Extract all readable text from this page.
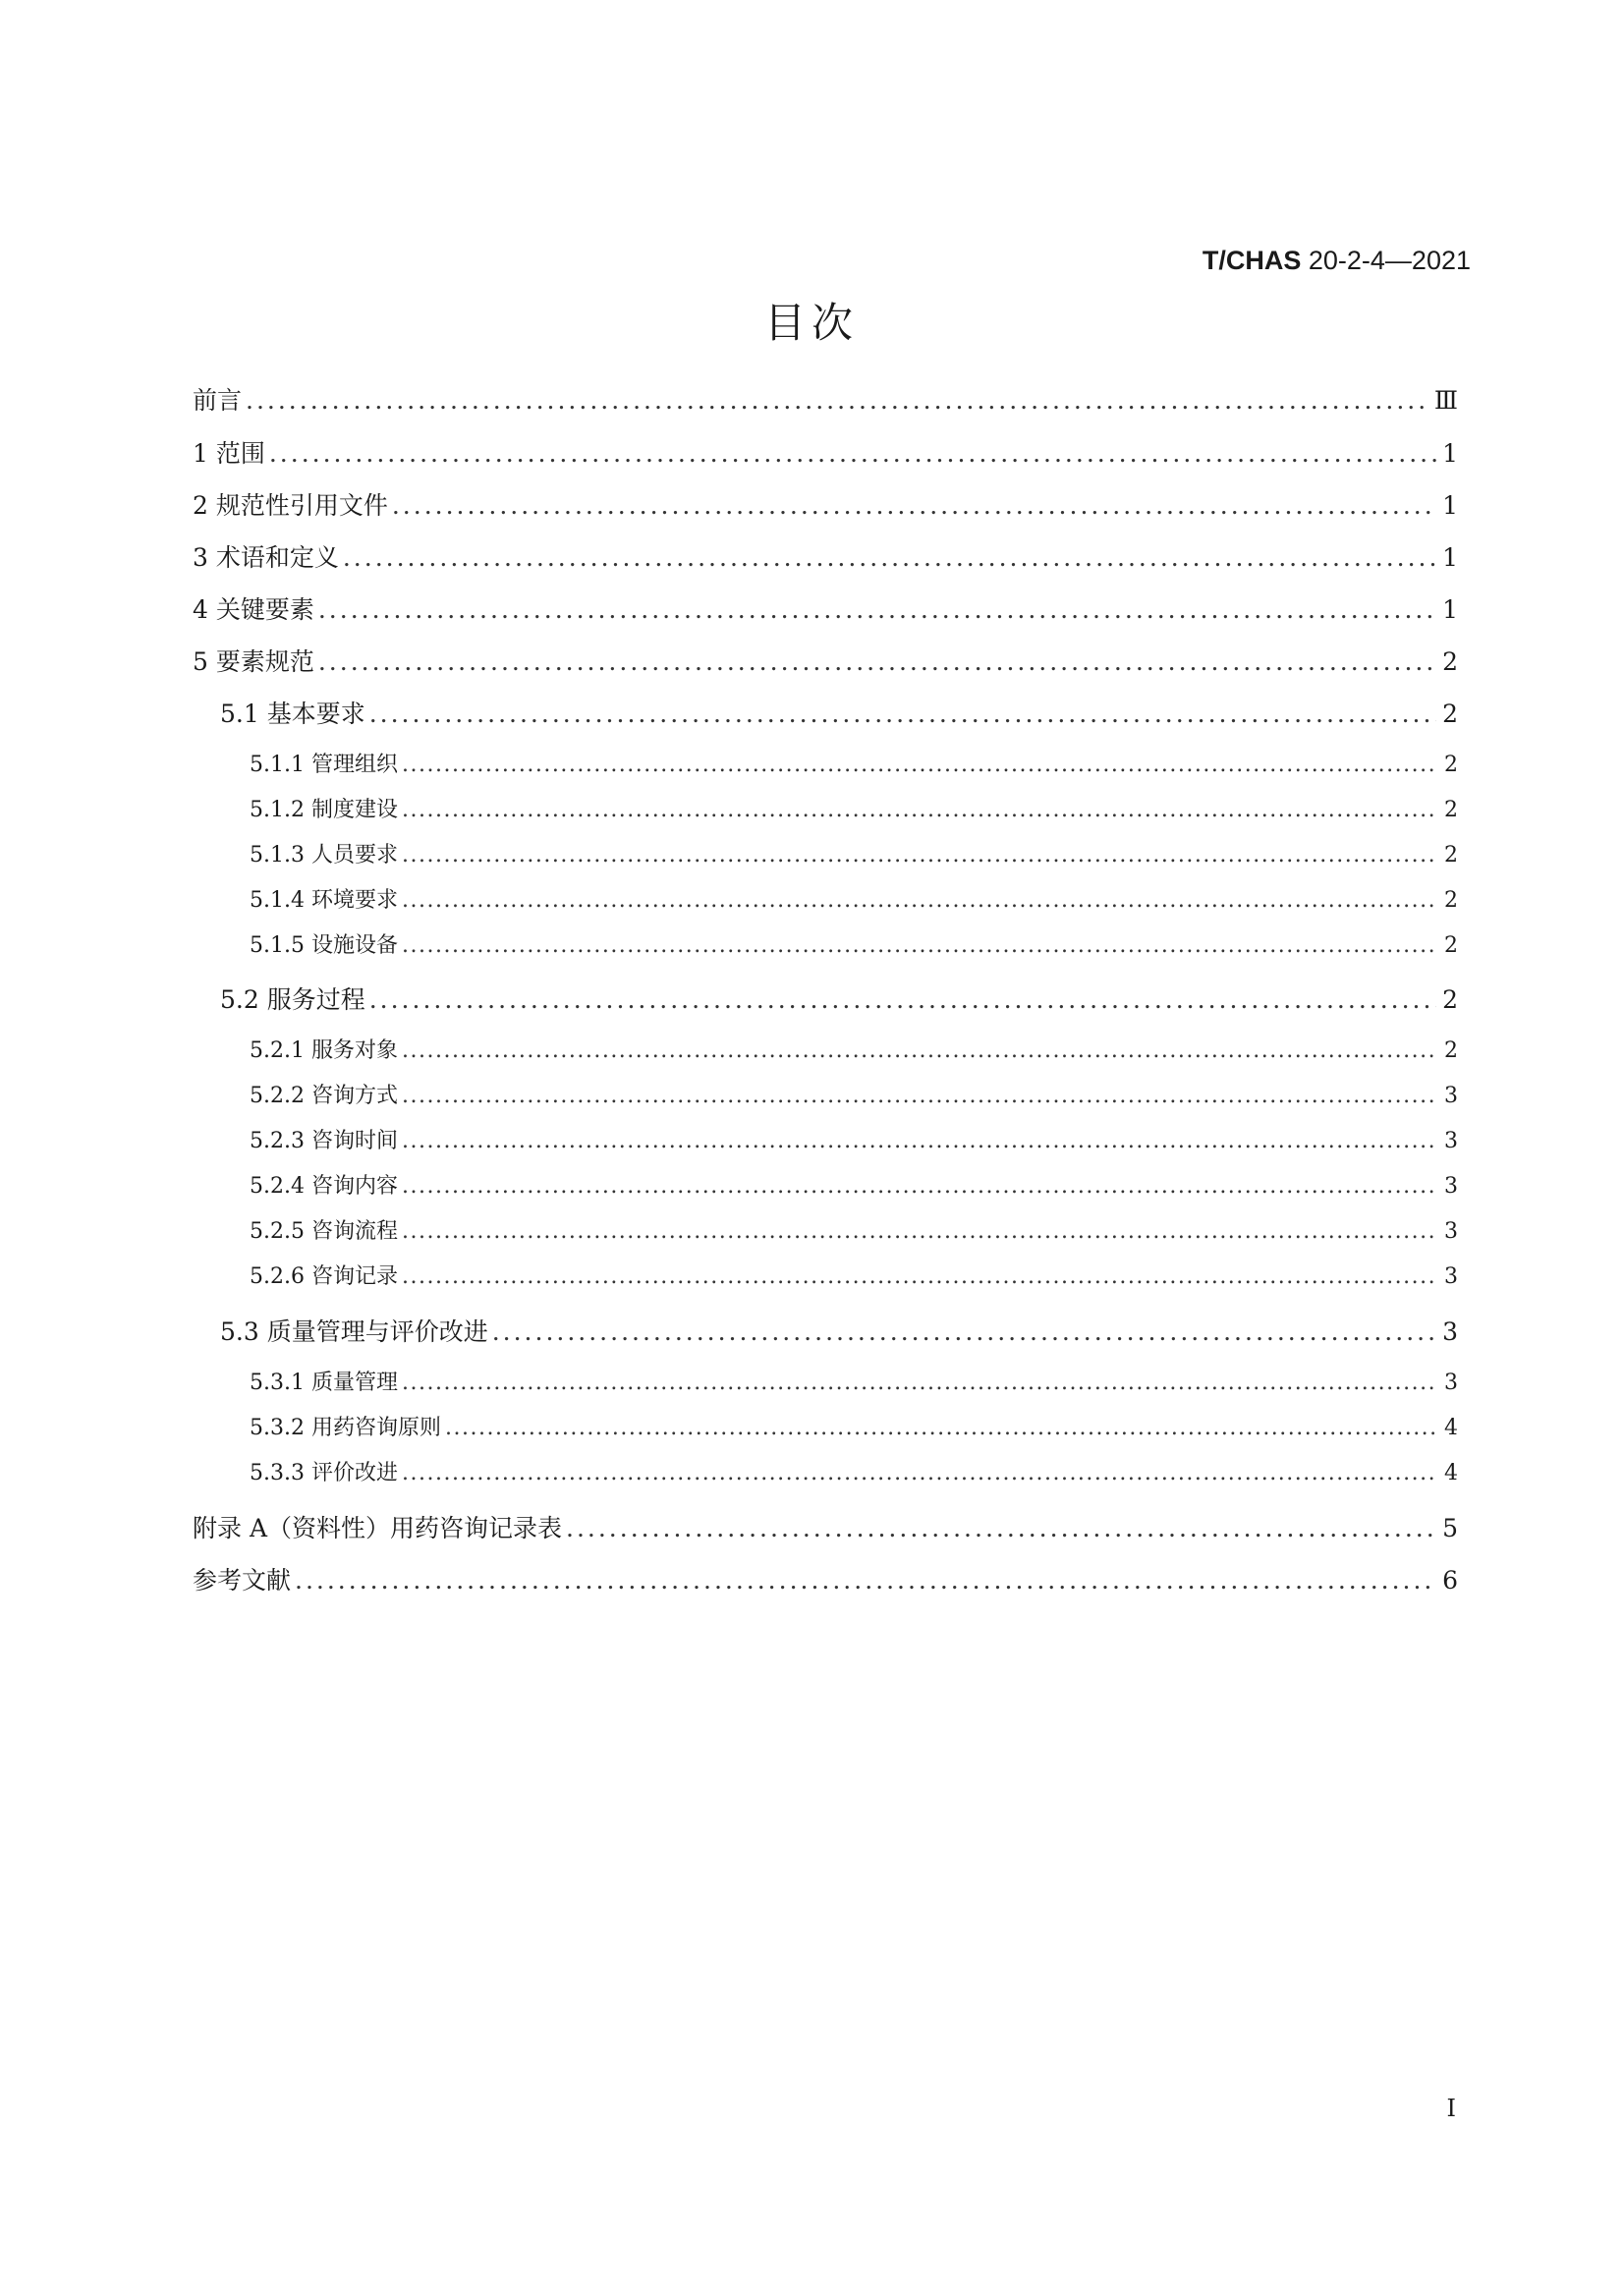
T/CHAS 20-2-4—2021
目次
前言 .....	Ⅲ
1 范围 .....	1
2 规范性引用文件 .....	1
3 术语和定义 .....	1
4 关键要素 .....	1
5 要素规范 .....	2
5.1 基本要求 .....	2
5.1.1 管理组织 .....	2
5.1.2 制度建设 .....	2
5.1.3 人员要求 .....	2
5.1.4 环境要求 .....	2
5.1.5 设施设备 .....	2
5.2 服务过程 .....	2
5.2.1 服务对象 .....	2
5.2.2 咨询方式 .....	3
5.2.3 咨询时间 .....	3
5.2.4 咨询内容 .....	3
5.2.5 咨询流程 .....	3
5.2.6 咨询记录 .....	3
5.3 质量管理与评价改进 .....	3
5.3.1 质量管理 .....	3
5.3.2 用药咨询原则 .....	4
5.3.3 评价改进 .....	4
附录 A（资料性）用药咨询记录表 .....	5
参考文献 .....	6
I
